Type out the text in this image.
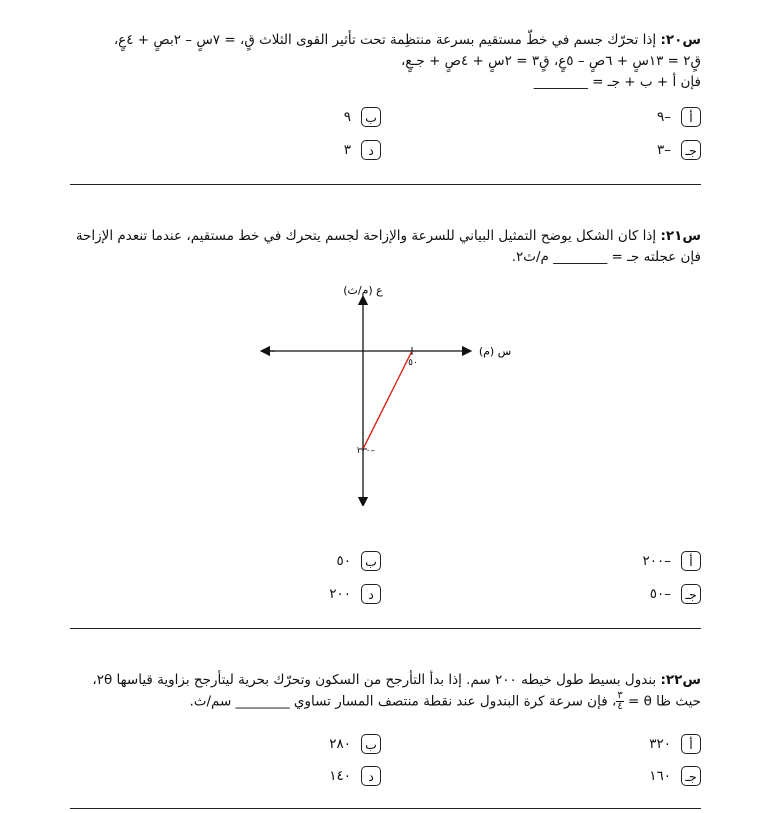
س٢٠: إذا تحرّك جسم في خطّ مستقيم بسرعة منتظِمة تحت تأثير القوى الثلاث قٍ، = ٧سٍ – ٢بصٍ + ٤عٍ،
قٍ٢ = ١٣سٍ + ٦صٍ – ٥عٍ، قٍ٣ = ٢سٍ + ٤صٍ + جـعٍ،
فإن أ + ب + جـ = ________
أ
–٩
ب
٩
جـ
–٣
د
٣
س٢١: إذا كان الشكل يوضح التمثيل البياني للسرعة والإزاحة لجسم يتحرك في خط مستقيم، عندما تنعدم الإزاحة
فإن عجلته جـ = ________ م/ث٢.
ع (م/ث)
س (م)
٥٠
–١٠٠
أ
–٢٠٠
ب
٥٠
جـ
–٥٠
د
٢٠٠
س٢٢: بندول بسيط طول خيطه ٢٠٠ سم. إذا بدأ التأرجح من السكون وتحرّك بحرية ليتأرجح بزاوية قياسها ٢θ،
حيث ظا θ =
$\frac{٣}{٤}$
، فإن سرعة كرة البندول عند نقطة منتصف المسار تساوي ________ سم/ث.
أ
٣٢٠
ب
٢٨٠
جـ
١٦٠
د
١٤٠
